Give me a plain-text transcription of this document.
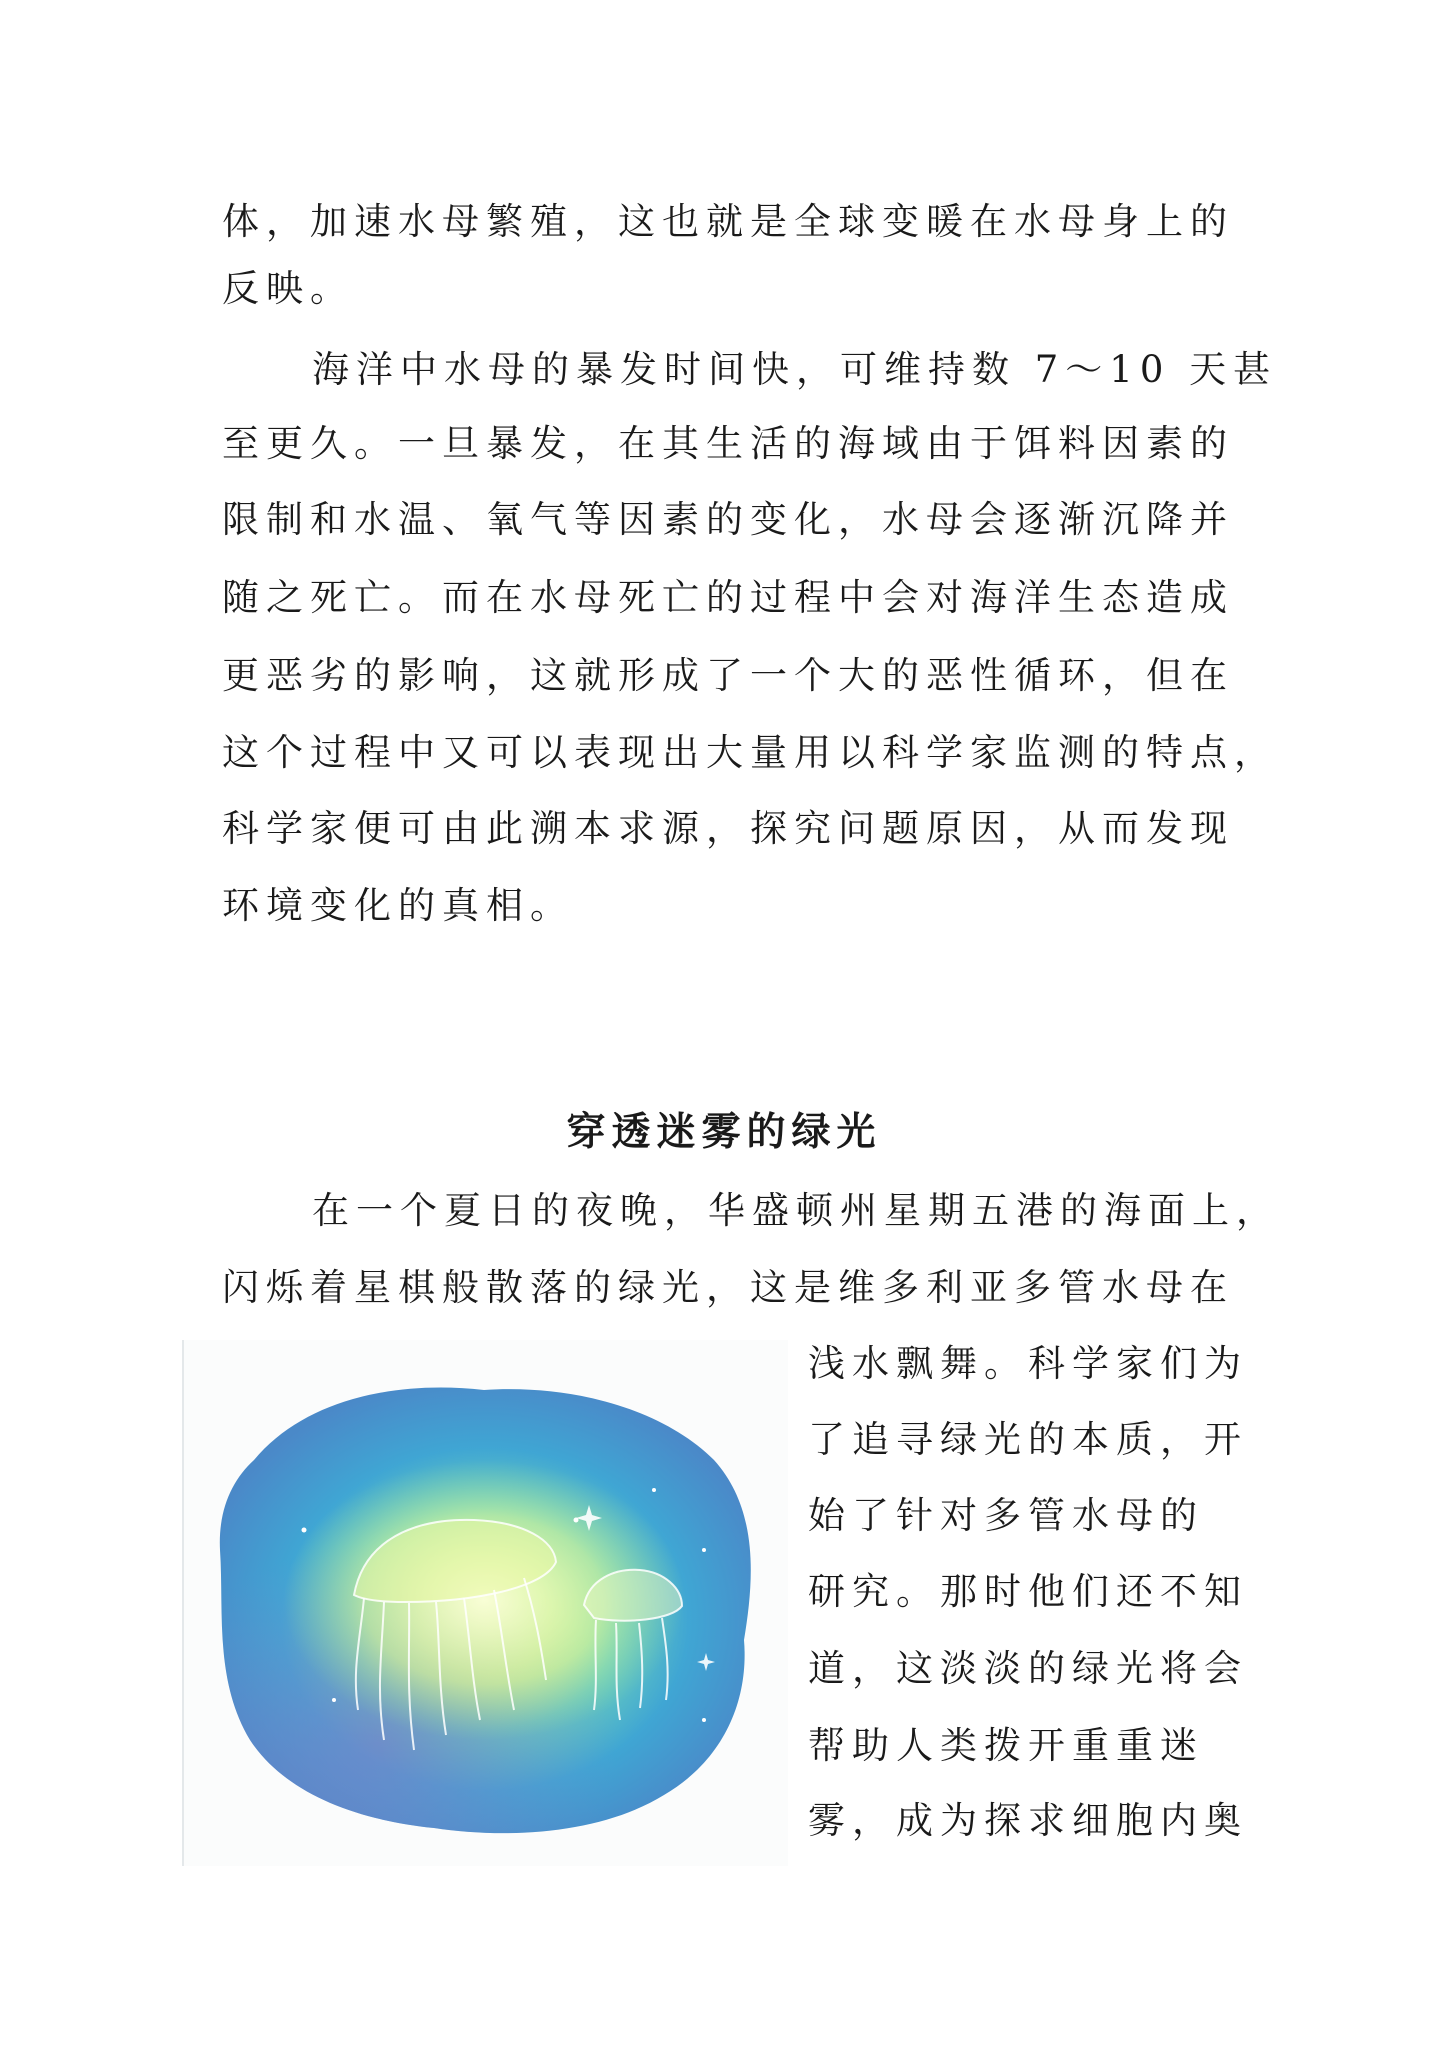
体，加速水母繁殖，这也就是全球变暖在水母身上的
反映。
海洋中水母的暴发时间快，可维持数 7～10 天甚
至更久。一旦暴发，在其生活的海域由于饵料因素的
限制和水温、氧气等因素的变化，水母会逐渐沉降并
随之死亡。而在水母死亡的过程中会对海洋生态造成
更恶劣的影响，这就形成了一个大的恶性循环，但在
这个过程中又可以表现出大量用以科学家监测的特点，
科学家便可由此溯本求源，探究问题原因，从而发现
环境变化的真相。
穿透迷雾的绿光
在一个夏日的夜晚，华盛顿州星期五港的海面上，
闪烁着星棋般散落的绿光，这是维多利亚多管水母在
浅水飘舞。科学家们为
了追寻绿光的本质，开
始了针对多管水母的
研究。那时他们还不知
道，这淡淡的绿光将会
帮助人类拨开重重迷
雾，成为探求细胞内奥
